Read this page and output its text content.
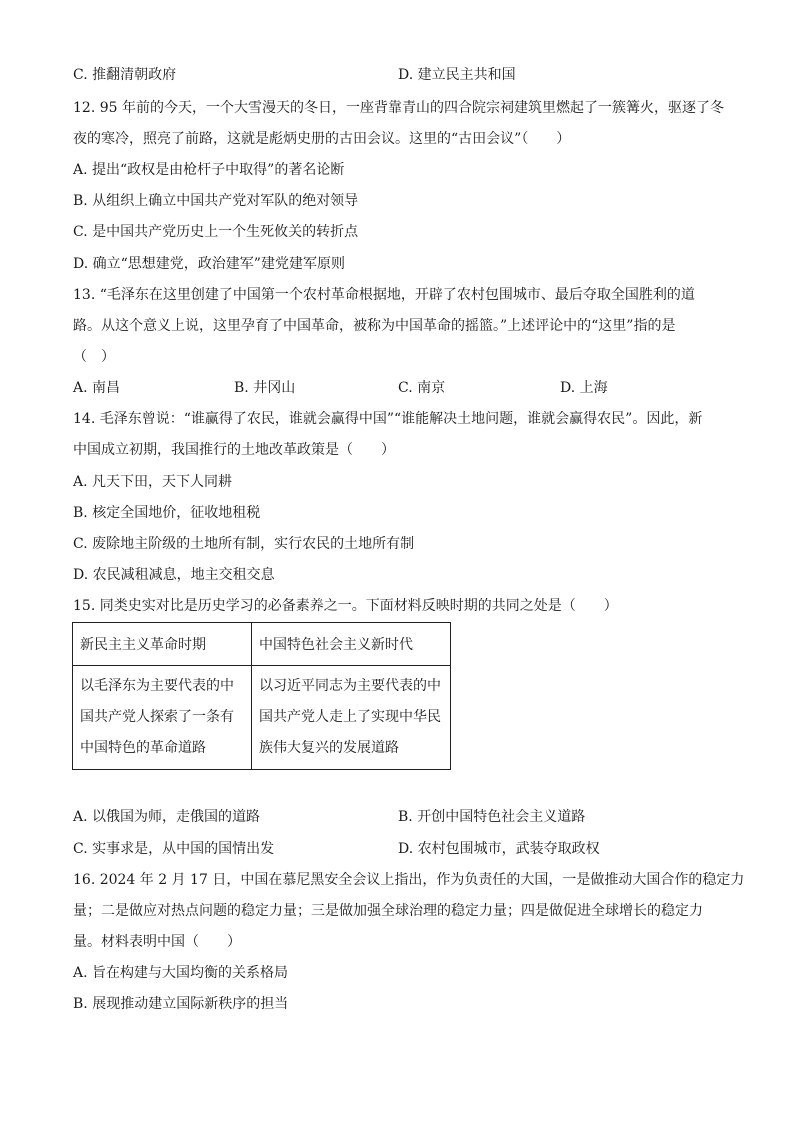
C. 推翻清朝政府	D. 建立民主共和国
12. 95 年前的今天，一个大雪漫天的冬日，一座背靠青山的四合院宗祠建筑里燃起了一簇篝火，驱逐了冬
夜的寒冷，照亮了前路，这就是彪炳史册的古田会议。这里的“古田会议”（　　）
A. 提出“政权是由枪杆子中取得”的著名论断
B. 从组织上确立中国共产党对军队的绝对领导
C. 是中国共产党历史上一个生死攸关的转折点
D. 确立“思想建党，政治建军”建党建军原则
13. “毛泽东在这里创建了中国第一个农村革命根据地，开辟了农村包围城市、最后夺取全国胜利的道
路。从这个意义上说，这里孕育了中国革命，被称为中国革命的摇篮。”上述评论中的“这里”指的是
（　）
A. 南昌	B. 井冈山	C. 南京	D. 上海
14. 毛泽东曾说：“谁赢得了农民，谁就会赢得中国”“谁能解决土地问题，谁就会赢得农民”。因此，新
中国成立初期，我国推行的土地改革政策是（　　）
A. 凡天下田，天下人同耕
B. 核定全国地价，征收地租税
C. 废除地主阶级的土地所有制，实行农民的土地所有制
D. 农民减租减息，地主交租交息
15. 同类史实对比是历史学习的必备素养之一。下面材料反映时期的共同之处是（　　）
新民主主义革命时期	中国特色社会主义新时代
以毛泽东为主要代表的中国共产党人探索了一条有中国特色的革命道路	以习近平同志为主要代表的中国共产党人走上了实现中华民族伟大复兴的发展道路
A. 以俄国为师，走俄国的道路	B. 开创中国特色社会主义道路
C. 实事求是，从中国的国情出发	D. 农村包围城市，武装夺取政权
16. 2024 年 2 月 17 日，中国在慕尼黑安全会议上指出，作为负责任的大国，一是做推动大国合作的稳定力
量；二是做应对热点问题的稳定力量；三是做加强全球治理的稳定力量；四是做促进全球增长的稳定力
量。材料表明中国（　　）
A. 旨在构建与大国均衡的关系格局
B. 展现推动建立国际新秩序的担当
